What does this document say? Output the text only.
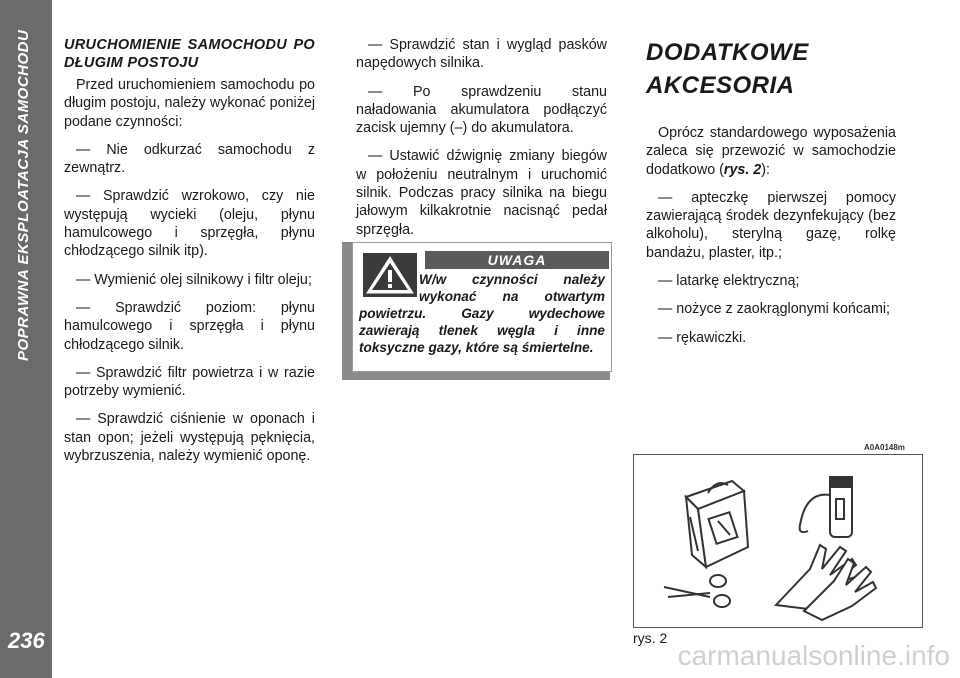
POPRAWNA EKSPLOATACJA SAMOCHODU
236
URUCHOMIENIE SAMOCHODU PO DŁUGIM POSTOJU

Przed uruchomieniem samochodu po długim postoju, należy wykonać poniżej podane czynności:

— Nie odkurzać samochodu z zewnątrz.

— Sprawdzić wzrokowo, czy nie występują wycieki (oleju, płynu hamulcowego i sprzęgła, płynu chłodzącego silnik itp).

— Wymienić olej silnikowy i filtr oleju;

— Sprawdzić poziom: płynu hamulcowego i sprzęgła i płynu chłodzącego silnik.

— Sprawdzić filtr powietrza i w razie potrzeby wymienić.

— Sprawdzić ciśnienie w oponach i stan opon; jeżeli występują pęknięcia, wybrzuszenia, należy wymienić oponę.

— Sprawdzić stan i wygląd pasków napędowych silnika.

— Po sprawdzeniu stanu naładowania akumulatora podłączyć zacisk ujemny (–) do akumulatora.

— Ustawić dźwignię zmiany biegów w położeniu neutralnym i uruchomić silnik. Podczas pracy silnika na biegu jałowym kilkakrotnie nacisnąć pedał sprzęgła.

UWAGA
W/w czynności należy wykonać na otwartym powietrzu. Gazy wydechowe zawierają tlenek węgla i inne toksyczne gazy, które są śmiertelne.
DODATKOWE AKCESORIA

Oprócz standardowego wyposażenia zaleca się przewozić w samochodzie dodatkowo (rys. 2):

— apteczkę pierwszej pomocy zawierającą środek dezynfekujący (bez alkoholu), sterylną gazę, rolkę bandażu, plaster, itp.;

— latarkę elektryczną;

— nożyce z zaokrąglonymi końcami;

— rękawiczki.

A0A0148m
rys. 2
carmanualsonline.info
